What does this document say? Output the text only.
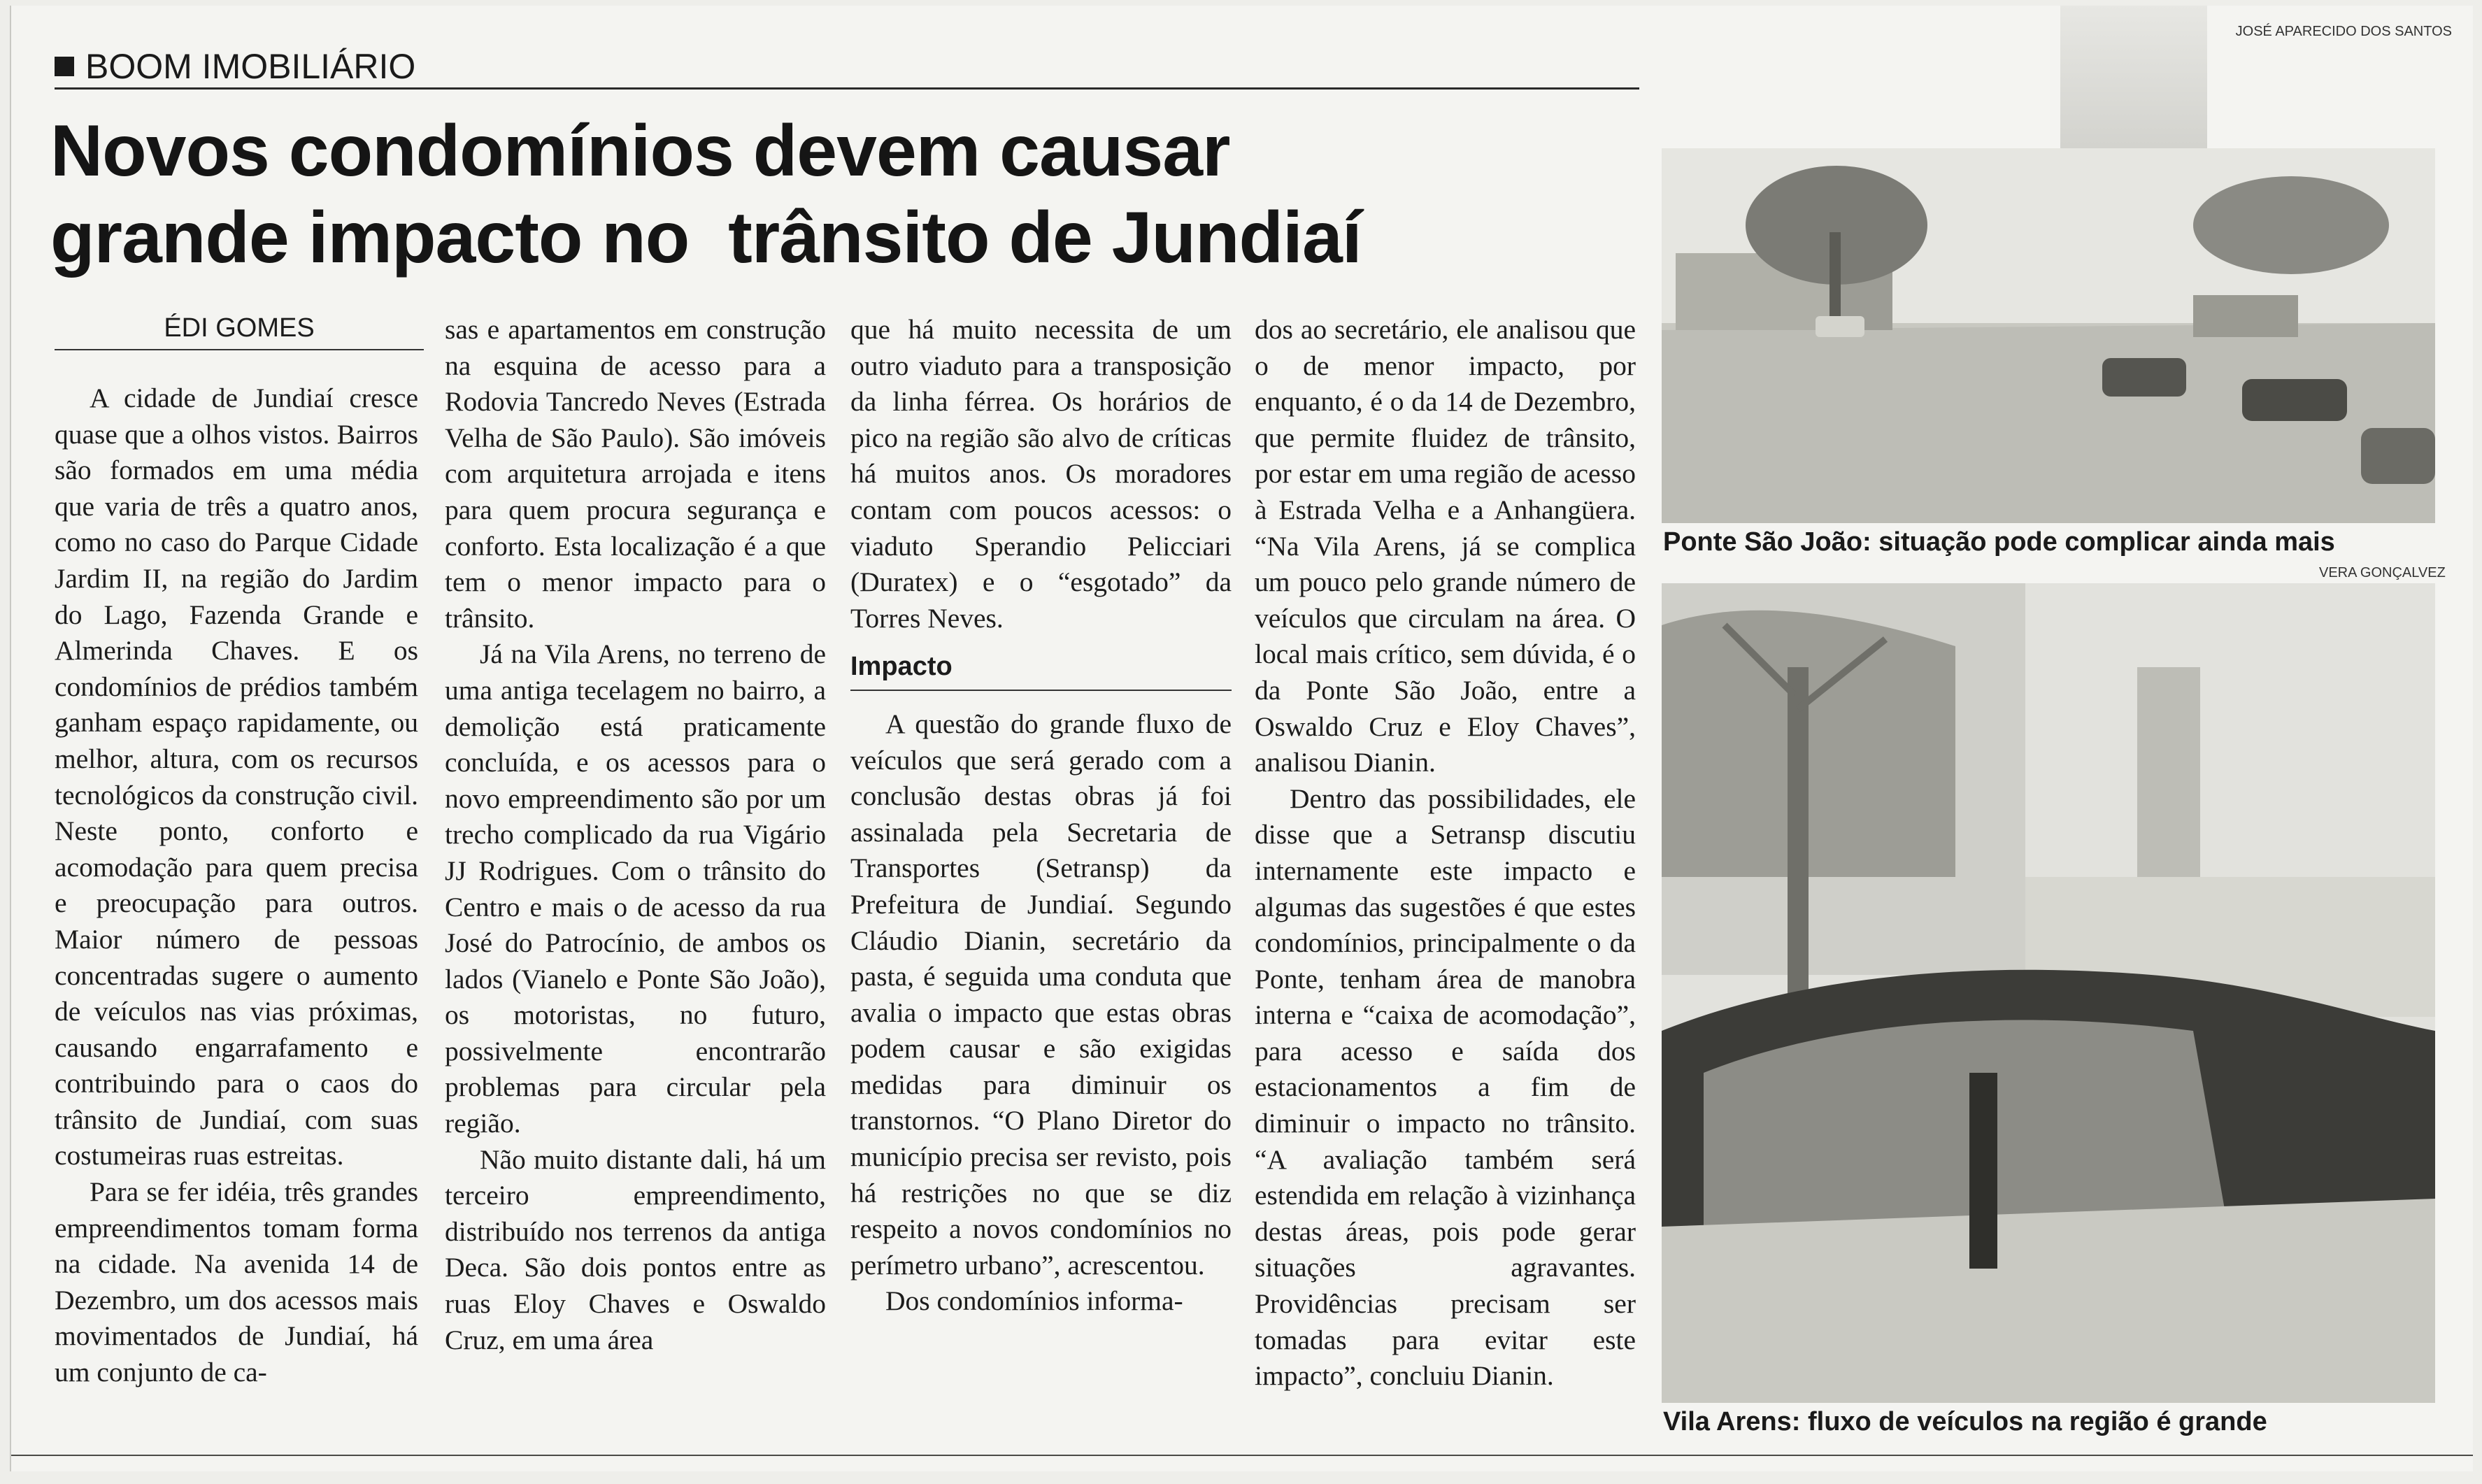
BOOM IMOBILIÁRIO
Novos condomínios devem causar
grande impacto no  trânsito de Jundiaí
ÉDI GOMES

A cidade de Jundiaí cresce quase que a olhos vistos. Bairros são formados em uma média que varia de três a quatro anos, como no caso do Parque Cidade Jardim II, na região do Jardim do Lago, Fazenda Grande e Almerinda Chaves. E os condomínios de prédios também ganham espaço rapidamente, ou melhor, altura, com os recursos tecnológicos da construção civil. Neste ponto, conforto e acomodação para quem precisa e preocupação para outros. Maior número de pessoas concentradas sugere o aumento de veículos nas vias próximas, causando engarrafamento e contribuindo para o caos do trânsito de Jundiaí, com suas costumeiras ruas estreitas.

Para se fer idéia, três grandes empreendimentos tomam forma na cidade. Na avenida 14 de Dezembro, um dos acessos mais movimentados de Jundiaí, há um conjunto de ca-

sas e apartamentos em construção na esquina de acesso para a Rodovia Tancredo Neves (Estrada Velha de São Paulo). São imóveis com arquitetura arrojada e itens para quem procura segurança e conforto. Esta localização é a que tem o menor impacto para o trânsito.

Já na Vila Arens, no terreno de uma antiga tecelagem no bairro, a demolição está praticamente concluída, e os acessos para o novo empreendimento são por um trecho complicado da rua Vigário JJ Rodrigues. Com o trânsito do Centro e mais o de acesso da rua José do Patrocínio, de ambos os lados (Vianelo e Ponte São João), os motoristas, no futuro, possivelmente encontrarão problemas para circular pela região.

Não muito distante dali, há um terceiro empreendimento, distribuído nos terrenos da antiga Deca. São dois pontos entre as ruas Eloy Chaves e Oswaldo Cruz, em uma área

que há muito necessita de um outro viaduto para a transposição da linha férrea. Os horários de pico na região são alvo de críticas há muitos anos. Os moradores contam com poucos acessos: o viaduto Sperandio Pelicciari (Duratex) e o “esgotado” da Torres Neves.

Impacto

A questão do grande fluxo de veículos que será gerado com a conclusão destas obras já foi assinalada pela Secretaria de Transportes (Setransp) da Prefeitura de Jundiaí. Segundo Cláudio Dianin, secretário da pasta, é seguida uma conduta que avalia o impacto que estas obras podem causar e são exigidas medidas para diminuir os transtornos. “O Plano Diretor do município precisa ser revisto, pois há restrições no que se diz respeito a novos condomínios no perímetro urbano”, acrescentou.

Dos condomínios informa-

dos ao secretário, ele analisou que o de menor impacto, por enquanto, é o da 14 de Dezembro, que permite fluidez de trânsito, por estar em uma região de acesso à Estrada Velha e a Anhangüera. “Na Vila Arens, já se complica um pouco pelo grande número de veículos que circulam na área. O local mais crítico, sem dúvida, é o da Ponte São João, entre a Oswaldo Cruz e Eloy Chaves”, analisou Dianin.

Dentro das possibilidades, ele disse que a Setransp discutiu internamente este impacto e algumas das sugestões é que estes condomínios, principalmente o da Ponte, tenham área de manobra interna e “caixa de acomodação”, para acesso e saída dos estacionamentos a fim de diminuir o impacto no trânsito. “A avaliação também será estendida em relação à vizinhança destas áreas, pois pode gerar situações agravantes. Providências precisam ser tomadas para evitar este impacto”, concluiu Dianin.

JOSÉ APARECIDO DOS SANTOS
Ponte São João: situação pode complicar ainda mais
VERA GONÇALVEZ
Vila Arens: fluxo de veículos na região é grande
